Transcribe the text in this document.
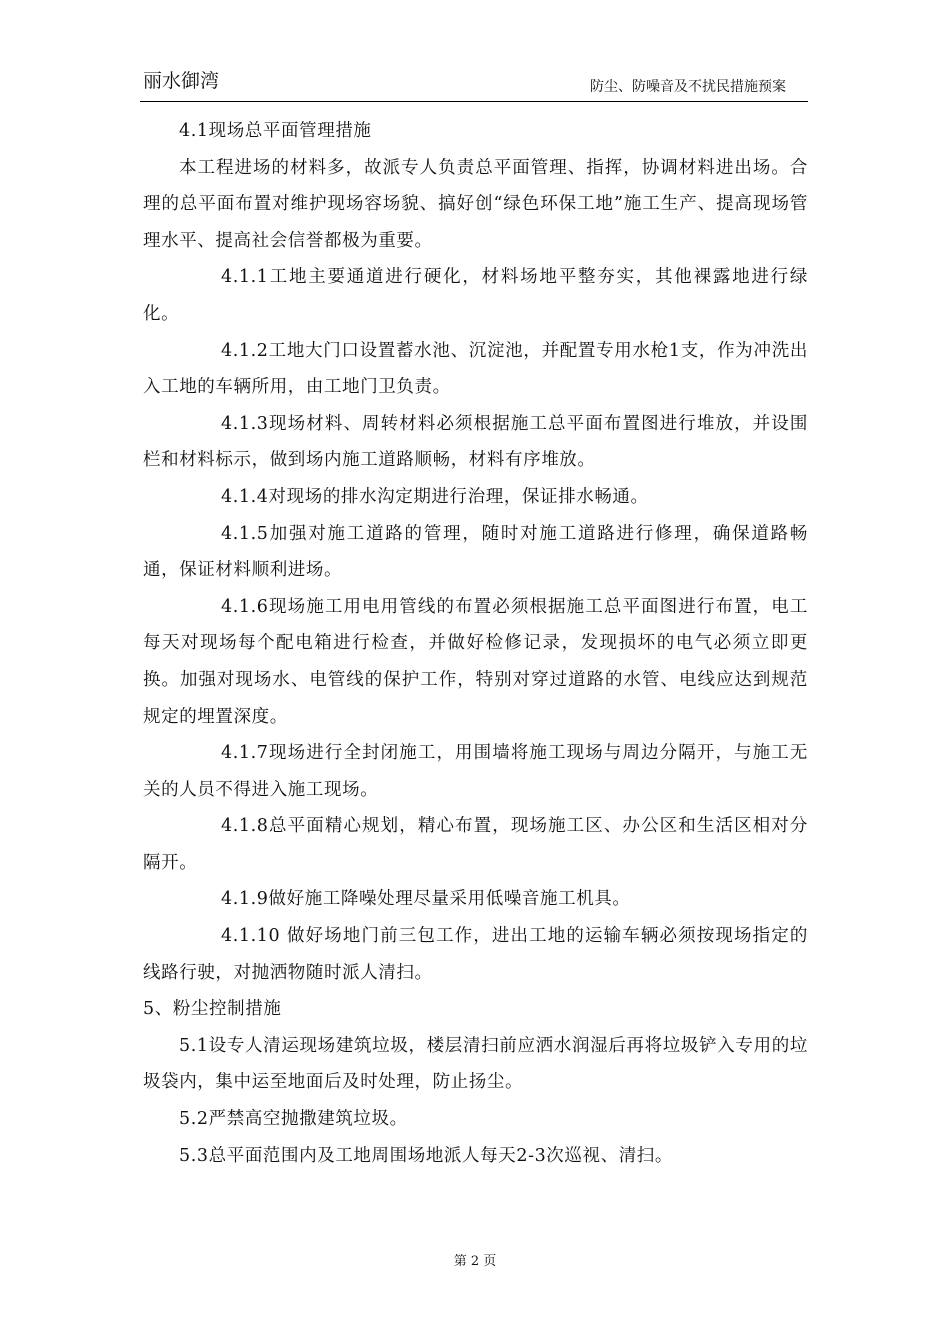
丽水御湾	防尘、防噪音及不扰民措施预案

4.1现场总平面管理措施

本工程进场的材料多，故派专人负责总平面管理、指挥，协调材料进出场。合理的总平面布置对维护现场容场貌、搞好创“绿色环保工地”施工生产、提高现场管理水平、提高社会信誉都极为重要。

4.1.1工地主要通道进行硬化，材料场地平整夯实，其他裸露地进行绿化。

4.1.2工地大门口设置蓄水池、沉淀池，并配置专用水枪1支，作为冲洗出入工地的车辆所用，由工地门卫负责。

4.1.3现场材料、周转材料必须根据施工总平面布置图进行堆放，并设围栏和材料标示，做到场内施工道路顺畅，材料有序堆放。

4.1.4对现场的排水沟定期进行治理，保证排水畅通。

4.1.5加强对施工道路的管理，随时对施工道路进行修理，确保道路畅通，保证材料顺利进场。

4.1.6现场施工用电用管线的布置必须根据施工总平面图进行布置，电工每天对现场每个配电箱进行检查，并做好检修记录，发现损坏的电气必须立即更换。加强对现场水、电管线的保护工作，特别对穿过道路的水管、电线应达到规范规定的埋置深度。

4.1.7现场进行全封闭施工，用围墙将施工现场与周边分隔开，与施工无关的人员不得进入施工现场。

4.1.8总平面精心规划，精心布置，现场施工区、办公区和生活区相对分隔开。

4.1.9做好施工降噪处理尽量采用低噪音施工机具。

4.1.10 做好场地门前三包工作，进出工地的运输车辆必须按现场指定的线路行驶，对抛洒物随时派人清扫。

5、粉尘控制措施

5.1设专人清运现场建筑垃圾，楼层清扫前应洒水润湿后再将垃圾铲入专用的垃圾袋内，集中运至地面后及时处理，防止扬尘。

5.2严禁高空抛撒建筑垃圾。

5.3总平面范围内及工地周围场地派人每天2-3次巡视、清扫。

第 2 页
